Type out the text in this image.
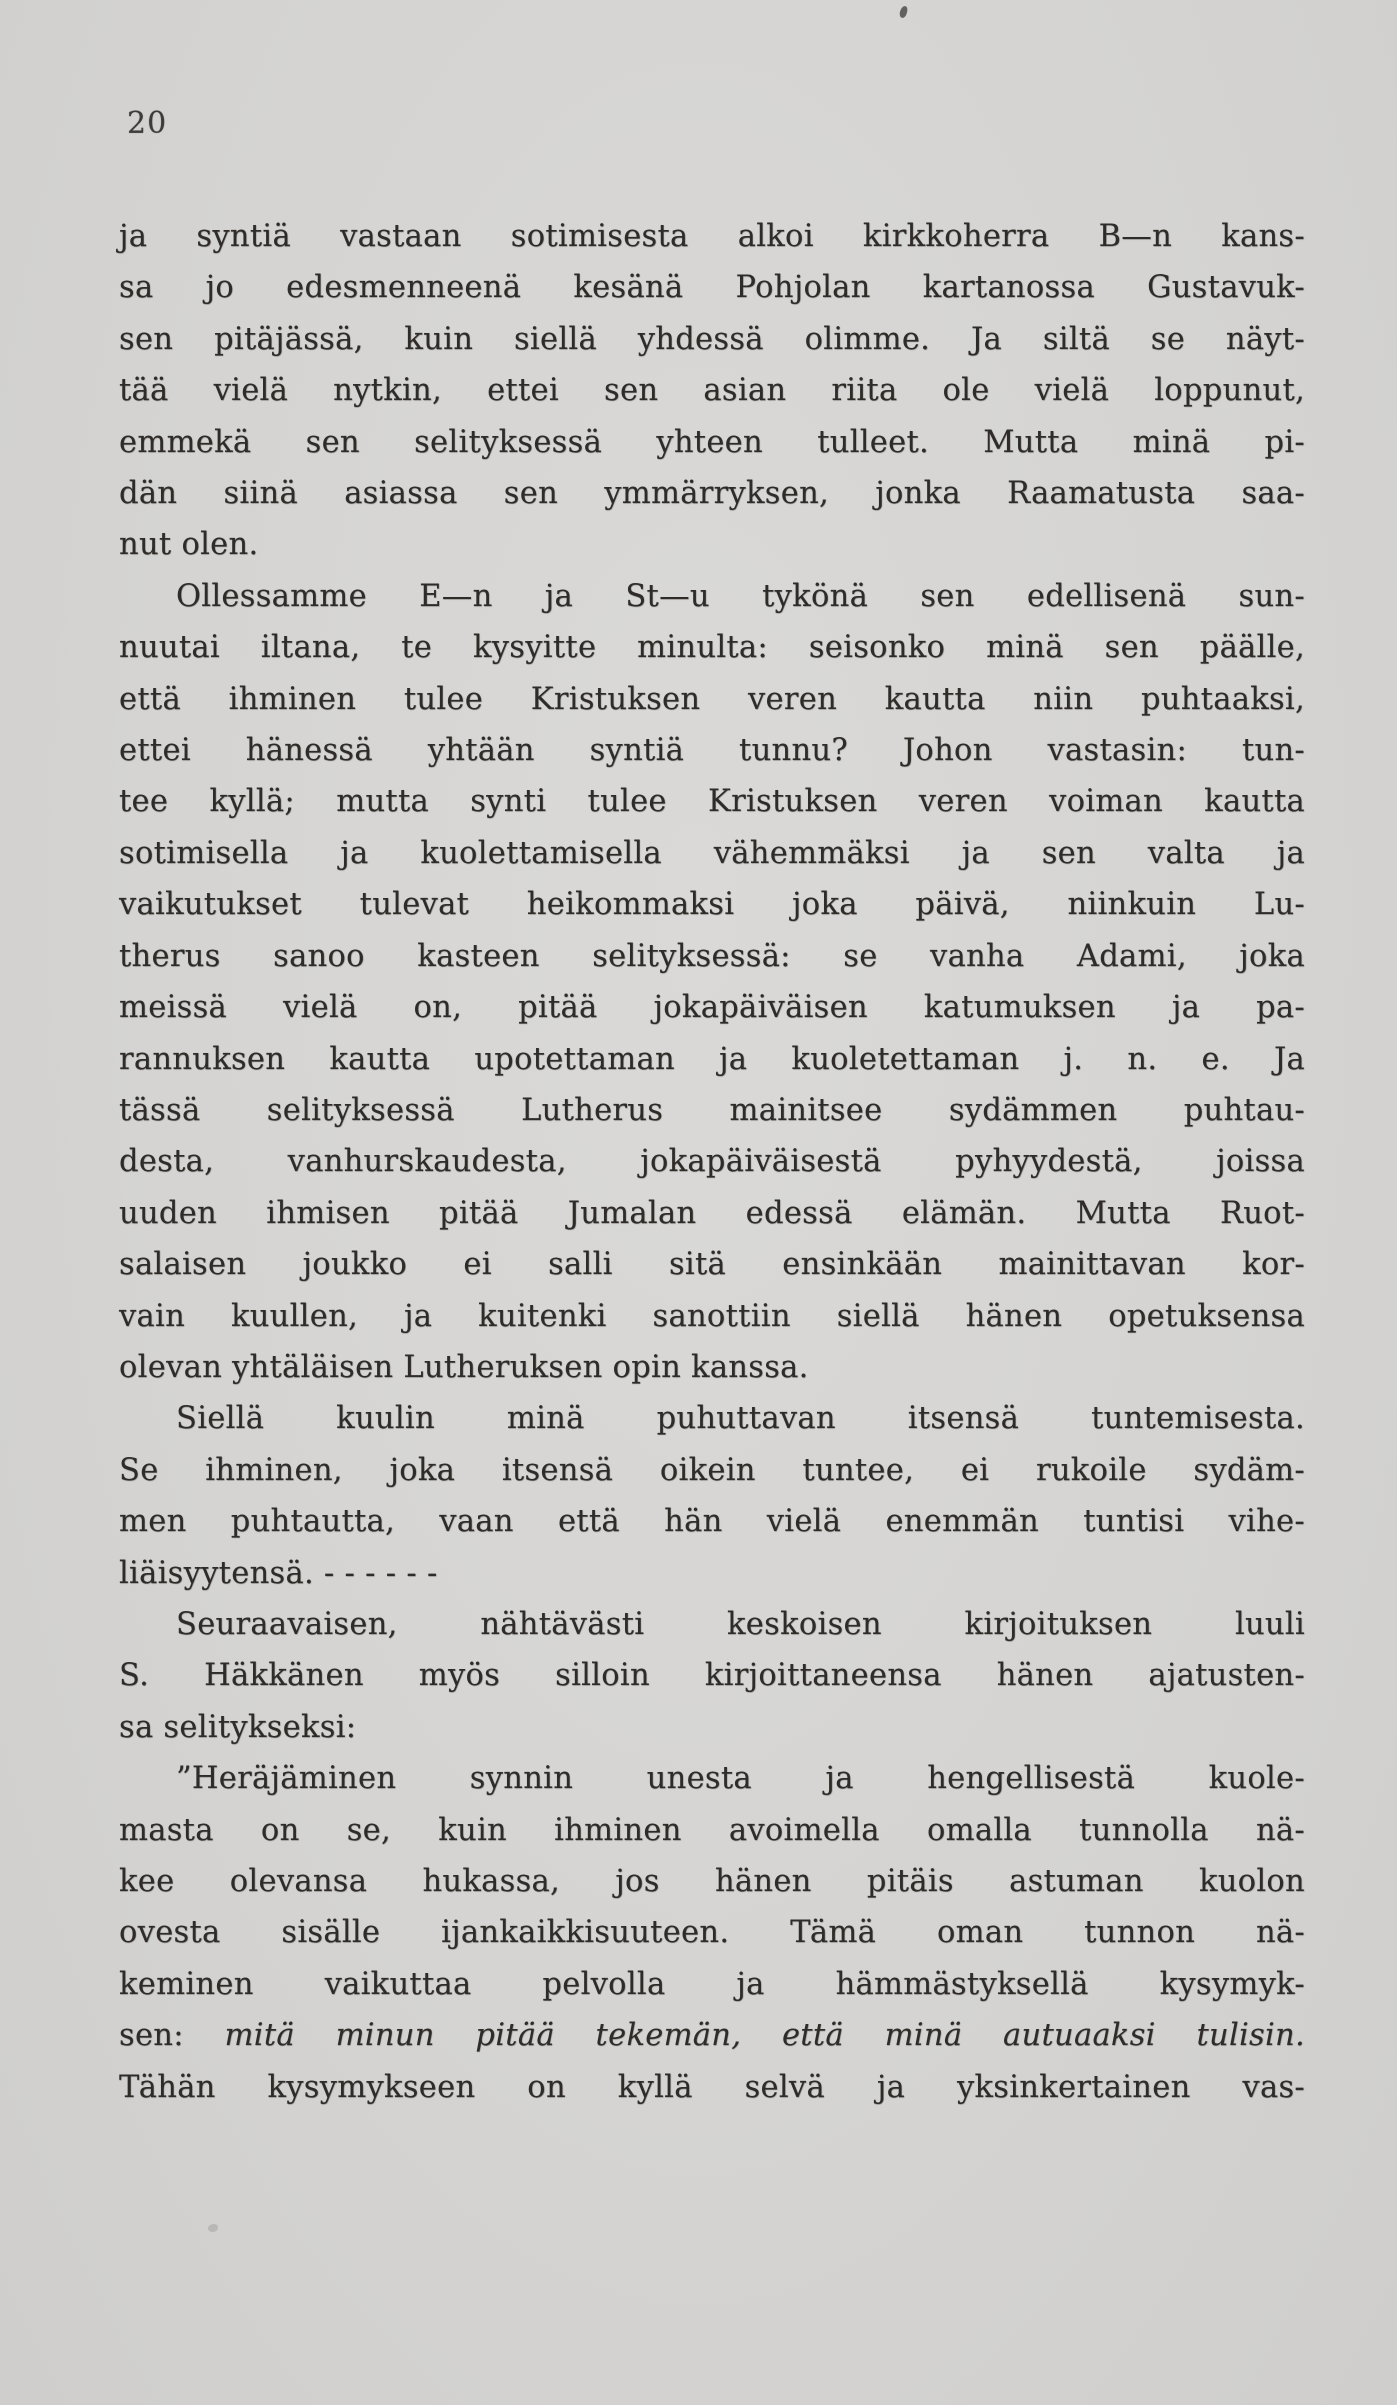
20
ja syntiä vastaan sotimisesta alkoi kirkkoherra B—n kans-
sa jo edesmenneenä kesänä Pohjolan kartanossa Gustavuk-
sen pitäjässä, kuin siellä yhdessä olimme. Ja siltä se näyt-
tää vielä nytkin, ettei sen asian riita ole vielä loppunut,
emmekä sen selityksessä yhteen tulleet. Mutta minä pi-
dän siinä asiassa sen ymmärryksen, jonka Raamatusta saa-
nut olen.
Ollessamme E—n ja St—u tykönä sen edellisenä sun-
nuutai iltana, te kysyitte minulta: seisonko minä sen päälle,
että ihminen tulee Kristuksen veren kautta niin puhtaaksi,
ettei hänessä yhtään syntiä tunnu? Johon vastasin: tun-
tee kyllä; mutta synti tulee Kristuksen veren voiman kautta
sotimisella ja kuolettamisella vähemmäksi ja sen valta ja
vaikutukset tulevat heikommaksi joka päivä, niinkuin Lu-
therus sanoo kasteen selityksessä: se vanha Adami, joka
meissä vielä on, pitää jokapäiväisen katumuksen ja pa-
rannuksen kautta upotettaman ja kuoletettaman j. n. e. Ja
tässä selityksessä Lutherus mainitsee sydämmen puhtau-
desta, vanhurskaudesta, jokapäiväisestä pyhyydestä, joissa
uuden ihmisen pitää Jumalan edessä elämän. Mutta Ruot-
salaisen joukko ei salli sitä ensinkään mainittavan kor-
vain kuullen, ja kuitenki sanottiin siellä hänen opetuksensa
olevan yhtäläisen Lutheruksen opin kanssa.
Siellä kuulin minä puhuttavan itsensä tuntemisesta.
Se ihminen, joka itsensä oikein tuntee, ei rukoile sydäm-
men puhtautta, vaan että hän vielä enemmän tuntisi vihe-
liäisyytensä. - - - - - -
Seuraavaisen, nähtävästi keskoisen kirjoituksen luuli
S. Häkkänen myös silloin kirjoittaneensa hänen ajatusten-
sa selitykseksi:
”Heräjäminen synnin unesta ja hengellisestä kuole-
masta on se, kuin ihminen avoimella omalla tunnolla nä-
kee olevansa hukassa, jos hänen pitäis astuman kuolon
ovesta sisälle ijankaikkisuuteen. Tämä oman tunnon nä-
keminen vaikuttaa pelvolla ja hämmästyksellä kysymyk-
sen: mitä minun pitää tekemän, että minä autuaaksi tulisin.
Tähän kysymykseen on kyllä selvä ja yksinkertainen vas-
